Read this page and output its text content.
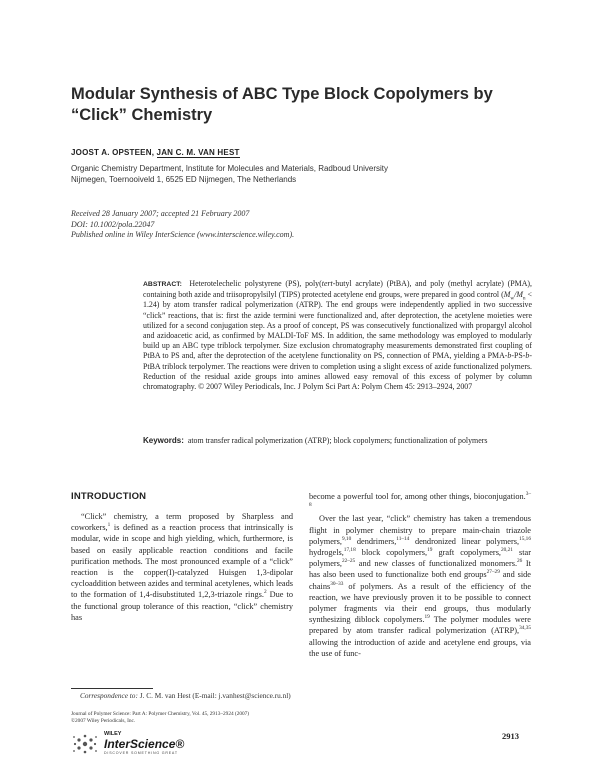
Modular Synthesis of ABC Type Block Copolymers by “Click” Chemistry
JOOST A. OPSTEEN, JAN C. M. VAN HEST
Organic Chemistry Department, Institute for Molecules and Materials, Radboud University Nijmegen, Toernooiveld 1, 6525 ED Nijmegen, The Netherlands
Received 28 January 2007; accepted 21 February 2007
DOI: 10.1002/pola.22047
Published online in Wiley InterScience (www.interscience.wiley.com).
ABSTRACT: Heterotelechelic polystyrene (PS), poly(tert-butyl acrylate) (PtBA), and poly (methyl acrylate) (PMA), containing both azide and triisopropylsilyl (TIPS) protected acetylene end groups, were prepared in good control $(M_w/M_n < 1.24)$ by atom transfer radical polymerization (ATRP). The end groups were independently applied in two successive “click” reactions, that is: first the azide termini were functionalized and, after deprotection, the acetylene moieties were utilized for a second conjugation step. As a proof of concept, PS was consecutively functionalized with propargyl alcohol and azidoacetic acid, as confirmed by MALDI-ToF MS. In addition, the same methodology was employed to modularly build up an ABC type triblock terpolymer. Size exclusion chromatography measurements demonstrated first coupling of PtBA to PS and, after the deprotection of the acetylene functionality on PS, connection of PMA, yielding a PMA-b-PS-b-PtBA triblock terpolymer. The reactions were driven to completion using a slight excess of azide functionalized polymers. Reduction of the residual azide groups into amines allowed easy removal of this excess of polymer by column chromatography. © 2007 Wiley Periodicals, Inc. J Polym Sci Part A: Polym Chem 45: 2913–2924, 2007
Keywords: atom transfer radical polymerization (ATRP); block copolymers; functionalization of polymers
INTRODUCTION

“Click” chemistry, a term proposed by Sharpless and coworkers,$^1$ is defined as a reaction process that intrinsically is modular, wide in scope and high yielding, which, furthermore, is based on easily applicable reaction conditions and facile purification methods. The most pronounced example of a “click” reaction is the copper(I)-catalyzed Huisgen 1,3-dipolar cycloaddition between azides and terminal acetylenes, which leads to the formation of 1,4-disubstituted 1,2,3-triazole rings.$^2$ Due to the functional group tolerance of this reaction, “click” chemistry has

become a powerful tool for, among other things, bioconjugation.$^{3-8}$

Over the last year, “click” chemistry has taken a tremendous flight in polymer chemistry to prepare main-chain triazole polymers,$^{9,10}$ dendrimers,$^{11-14}$ dendronized linear polymers,$^{15,16}$ hydrogels,$^{17,18}$ block copolymers,$^{19}$ graft copolymers,$^{20,21}$ star polymers,$^{22-25}$ and new classes of functionalized monomers.$^{26}$ It has also been used to functionalize both end groups$^{27-29}$ and side chains$^{30-33}$ of polymers. As a result of the efficiency of the reaction, we have previously proven it to be possible to connect polymer fragments via their end groups, thus modularly synthesizing diblock copolymers.$^{19}$ The polymer modules were prepared by atom transfer radical polymerization (ATRP),$^{34,35}$ allowing the introduction of azide and acetylene end groups, via the use of func-

Correspondence to: J. C. M. van Hest (E-mail: j.vanhest@science.ru.nl)
Journal of Polymer Science: Part A: Polymer Chemistry, Vol. 45, 2913–2924 (2007)
©2007 Wiley Periodicals, Inc.
WILEY
InterScience®
DISCOVER SOMETHING GREAT
2913
